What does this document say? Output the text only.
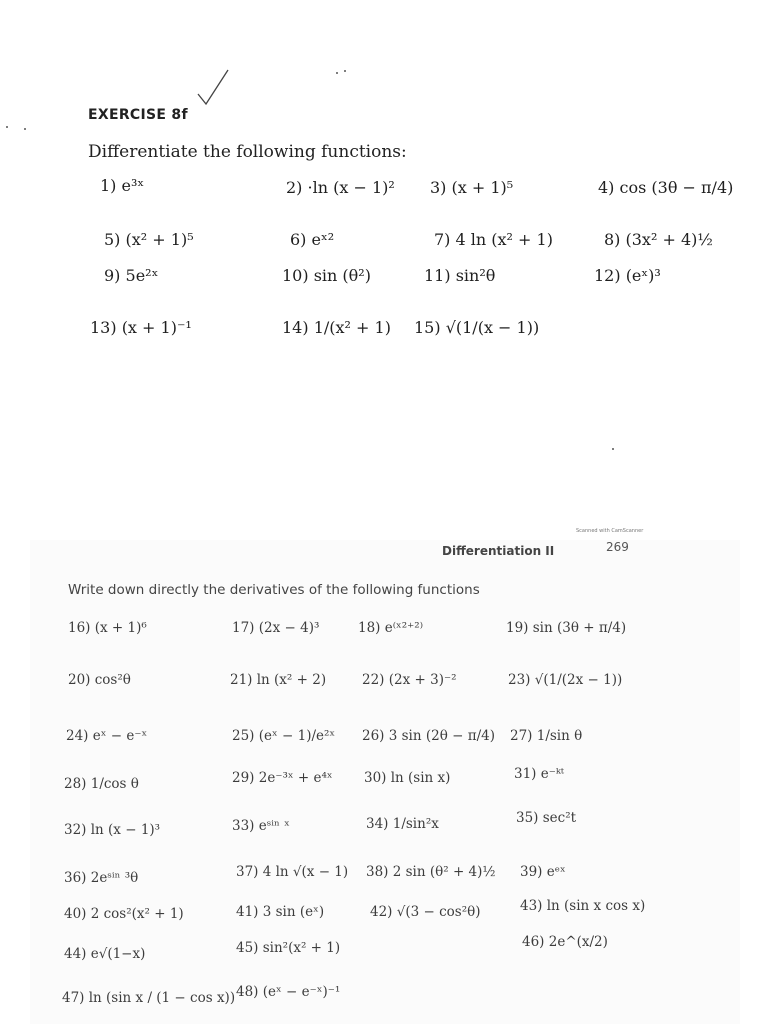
EXERCISE 8f
Differentiate the following functions:
1) e³ˣ	2) ·ln (x − 1)² 3) (x + 1)⁵	4) cos (3θ − π/4)
5) (x² + 1)⁵	6) eˣ²	7) 4 ln (x² + 1)	8) (3x² + 4)½
9) 5e²ˣ	10) sin (θ²)	11) sin²θ	12) (eˣ)³
13) (x + 1)⁻¹	14) 1/(x² + 1) 15) √(1/(x − 1))
Scanned with CamScanner
Differentiation II	269
Write down directly the derivatives of the following functions
16) (x + 1)⁶	17) (2x − 4)³	18) e⁽ˣ²⁺²⁾	19) sin (3θ + π/4)
20) cos²θ	21) ln (x² + 2)	22) (2x + 3)⁻²	23) √(1/(2x − 1))
24) eˣ − e⁻ˣ	25) (eˣ − 1)/e²ˣ 26) 3 sin (2θ − π/4) 27) 1/sin θ
28) 1/cos θ	29) 2e⁻³ˣ + e⁴ˣ 30) ln (sin x)	31) e⁻ᵏᵗ
32) ln (x − 1)³	33) eˢⁱⁿ ˣ	34) 1/sin²x	35) sec²t
36) 2eˢⁱⁿ ³θ	37) 4 ln √(x − 1) 38) 2 sin (θ² + 4)½ 39) eᵉˣ
40) 2 cos²(x² + 1)	41) 3 sin (eˣ)	42) √(3 − cos²θ)	43) ln (sin x cos x)
44) e√(1−x)	45) sin²(x² + 1)	46) 2e^(x/2)
47) ln (sin x / (1 − cos x)) 48) (eˣ − e⁻ˣ)⁻¹
